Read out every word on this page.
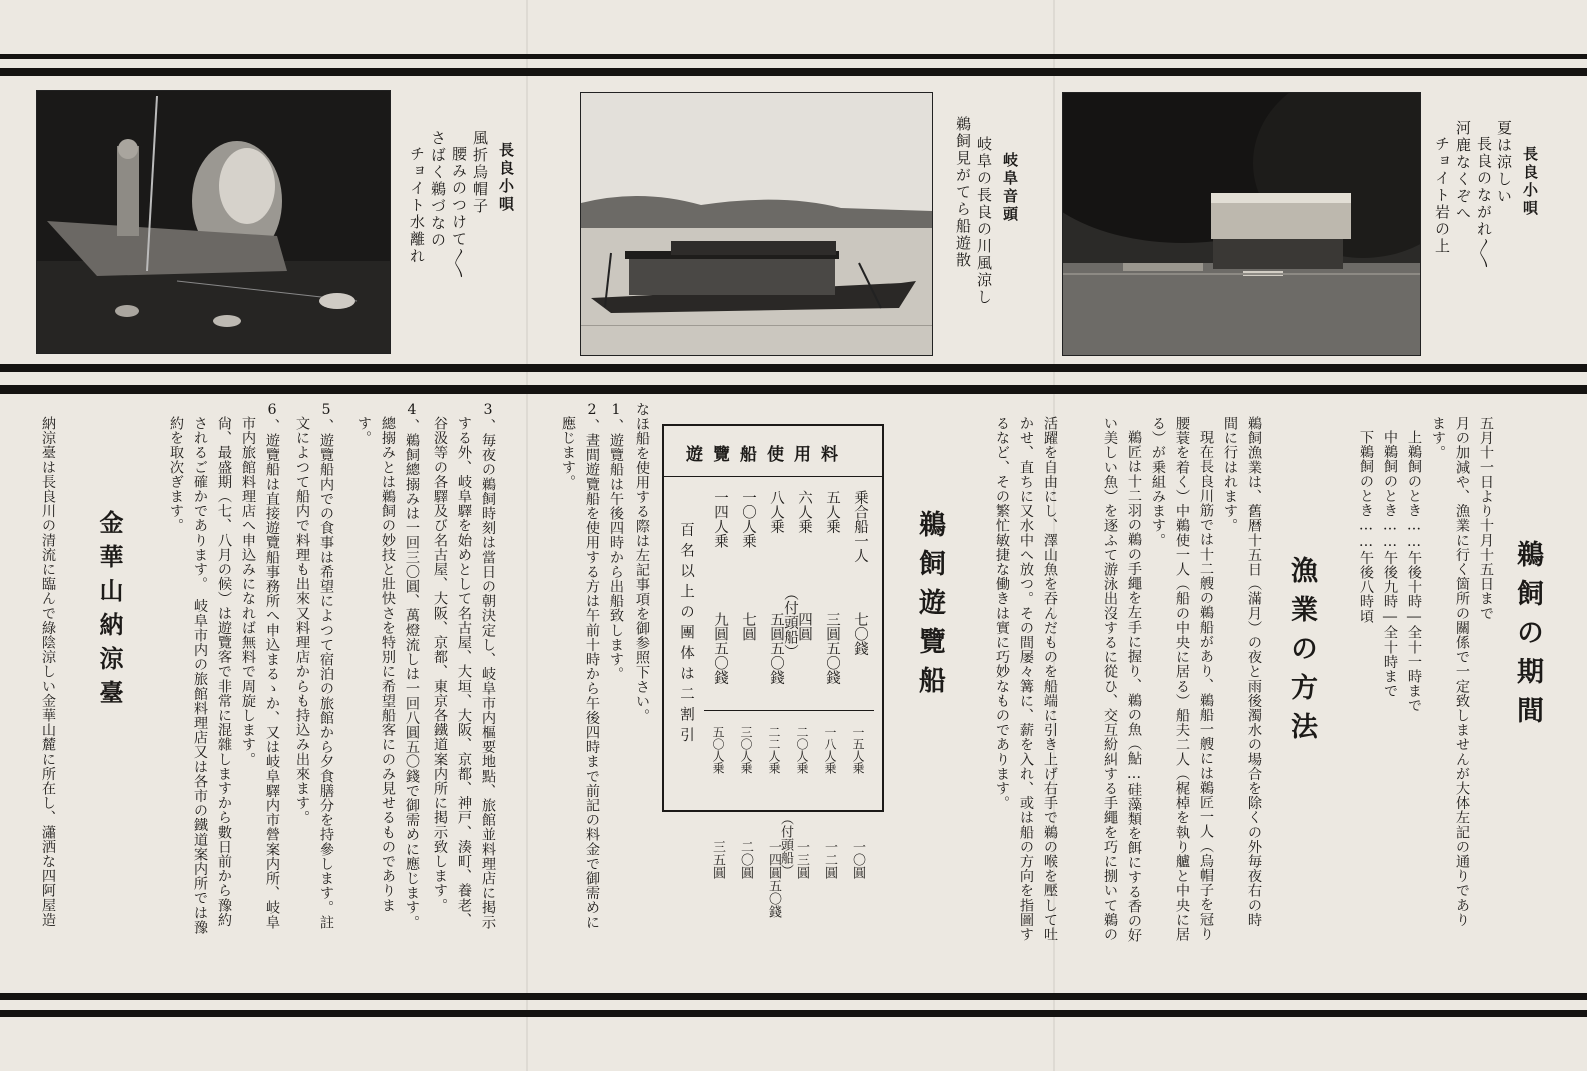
長良小唄
夏は涼しい
長良のながれ〱
河鹿なくぞへ
チョイト岩の上
岐阜音頭
岐阜の長良の川風涼し
鵜飼見がてら船遊散
長良小唄
風折烏帽子
腰みのつけて〱
さばく鵜づなの
チョイト水離れ
鵜飼の期間
五月十一日より十月十五日まで
月の加減や、漁業に行く箇所の關係で一定致しませんが大体左記の通りであり
ます。
上鵜飼のとき……午後十時―全十一時まで
中鵜飼のとき……午後九時―全十時まで
下鵜飼のとき……午後八時頃
漁業の方法
鵜飼漁業は、舊暦十五日（滿月）の夜と雨後濁水の場合を除くの外毎夜右の時
間に行はれます。
現在長良川筋では十二艘の鵜船があり、鵜船一艘には鵜匠一人（烏帽子を冠り
腰蓑を着く）中鵜使一人（船の中央に居る）船夫二人（梶棹を執り艫と中央に居
る）が乗組みます。
鵜匠は十二羽の鵜の手繩を左手に握り、鵜の魚（鮎…硅藻類を餌にする香の好
い美しい魚）を逐ふて游泳出沒するに從ひ、交互紛糾する手繩を巧に捌いて鵜の
活躍を自由にし、澤山魚を吞んだものを船端に引き上げ右手で鵜の喉を壓して吐
かせ、直ちに又水中へ放つ。その間屡々篝に、薪を入れ、或は船の方向を指圖す
るなど、その繁忙敏捷な働きは實に巧妙なものであります。
鵜飼遊覽船
遊覽船使用料
乗合船一人
五人乗
六人乗
八人乗
一〇人乗
一四人乗
（付頭船）	七〇錢
三圓五〇錢
四圓
五圓五〇錢
七圓
九圓五〇錢
百名以上の團体は二割引
一五人乗
一八人乗
二〇人乗
二二人乗
三〇人乗
五〇人乗
（付頭船）	一〇圓
一二圓
一三圓
一四圓五〇錢
二〇圓
三五圓
なほ船を使用する際は左記事項を御参照下さい。
1、遊覽船は午後四時から出船致します。
2、晝間遊覽船を使用する方は午前十時から午後四時まで前記の料金で御需めに
應じます。
3、毎夜の鵜飼時刻は當日の朝決定し、岐阜市内樞要地點、旅館並料理店に掲示
する外、岐阜驛を始めとして名古屋、大垣、大阪、京都、神戸、湊町、養老、
谷汲等の各驛及び名古屋、大阪、京都、東京各鐵道案内所に掲示致します。
4、鵜飼總搦みは一回三〇圓、萬燈流しは一回八圓五〇錢で御需めに應じます。
總搦みとは鵜飼の妙技と壯快さを特別に希望船客にのみ見せるものでありま
す。
5、遊覽船内での食事は希望によつて宿泊の旅館から夕食膳分を持參します。註
文によつて船内で料理も出來又料理店からも持込み出來ます。
6、遊覽船は直接遊覽船事務所へ申込まるゝか、又は岐阜驛内市營案内所、岐阜
市内旅館料理店へ申込みになれば無料で周旋します。
尙、最盛期（七、八月の候）は遊覽客で非常に混雜しますから數日前から豫約
されるご確かであります。　岐阜市内の旅館料理店又は各市の鐵道案内所では豫
約を取次ぎます。
金華山納涼臺
納涼臺は長良川の清流に臨んで綠陰涼しい金華山麓に所在し、瀟洒な四阿屋造
